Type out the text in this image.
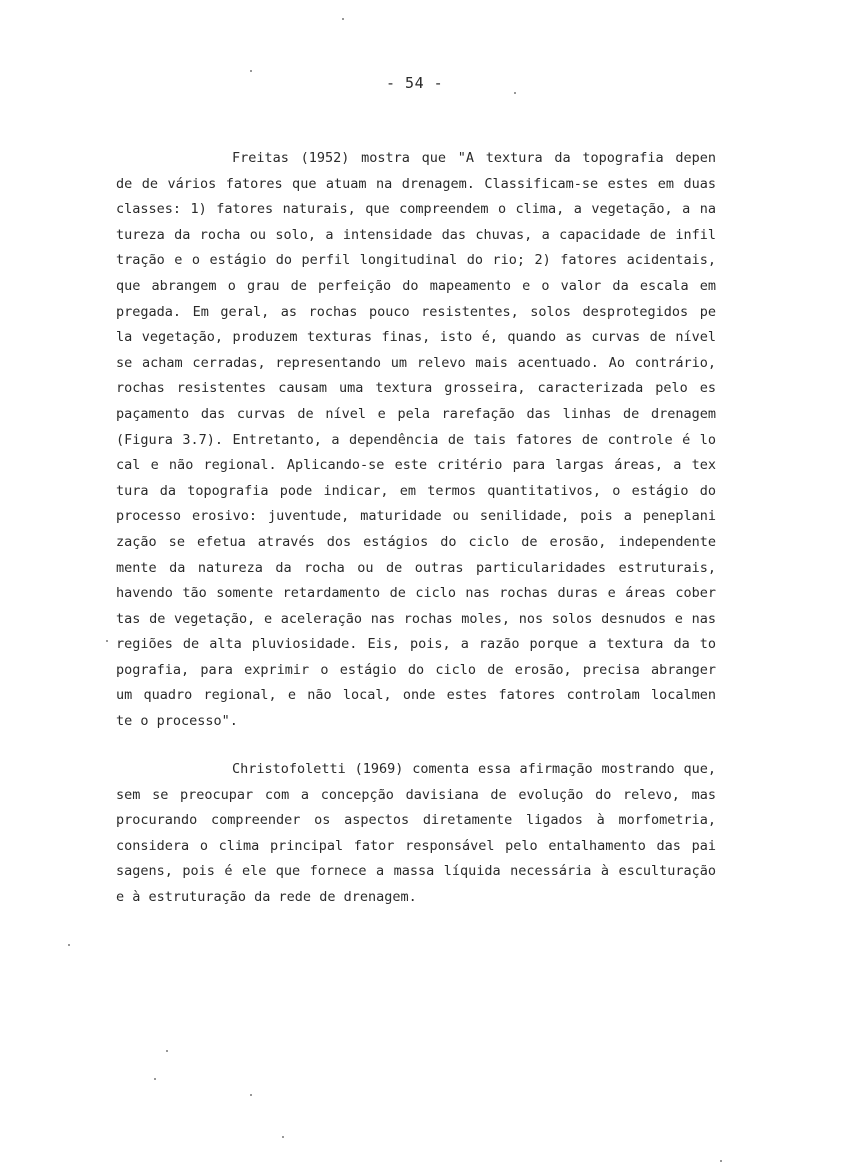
- 54 -
Freitas (1952) mostra que "A textura da topografia depen
de de vários fatores que atuam na drenagem. Classificam-se estes em duas
classes: 1) fatores naturais, que compreendem o clima, a vegetação, a na
tureza da rocha ou solo, a intensidade das chuvas, a capacidade de infil
tração e o estágio do perfil longitudinal do rio; 2) fatores acidentais,
que abrangem o grau de perfeição do mapeamento e o valor da escala em
pregada. Em geral, as rochas pouco resistentes, solos desprotegidos pe
la vegetação, produzem texturas finas, isto é, quando as curvas de nível
se acham cerradas, representando um relevo mais acentuado. Ao contrário,
rochas resistentes causam uma textura grosseira, caracterizada pelo es
paçamento das curvas de nível e pela rarefação das linhas de drenagem
(Figura 3.7). Entretanto, a dependência de tais fatores de controle é lo
cal e não regional. Aplicando-se este critério para largas áreas, a tex
tura da topografia pode indicar, em termos quantitativos, o estágio do
processo erosivo: juventude, maturidade ou senilidade, pois a peneplani
zação se efetua através dos estágios do ciclo de erosão, independente
mente da natureza da rocha ou de outras particularidades estruturais,
havendo tão somente retardamento de ciclo nas rochas duras e áreas cober
tas de vegetação, e aceleração nas rochas moles, nos solos desnudos e nas
regiões de alta pluviosidade. Eis, pois, a razão porque a textura da to
pografia, para exprimir o estágio do ciclo de erosão, precisa abranger
um quadro regional, e não local, onde estes fatores controlam localmen
te o processo".
Christofoletti (1969) comenta essa afirmação mostrando que,
sem se preocupar com a concepção davisiana de evolução do relevo, mas
procurando compreender os aspectos diretamente ligados à morfometria,
considera o clima principal fator responsável pelo entalhamento das pai
sagens, pois é ele que fornece a massa líquida necessária à esculturação
e à estruturação da rede de drenagem.
